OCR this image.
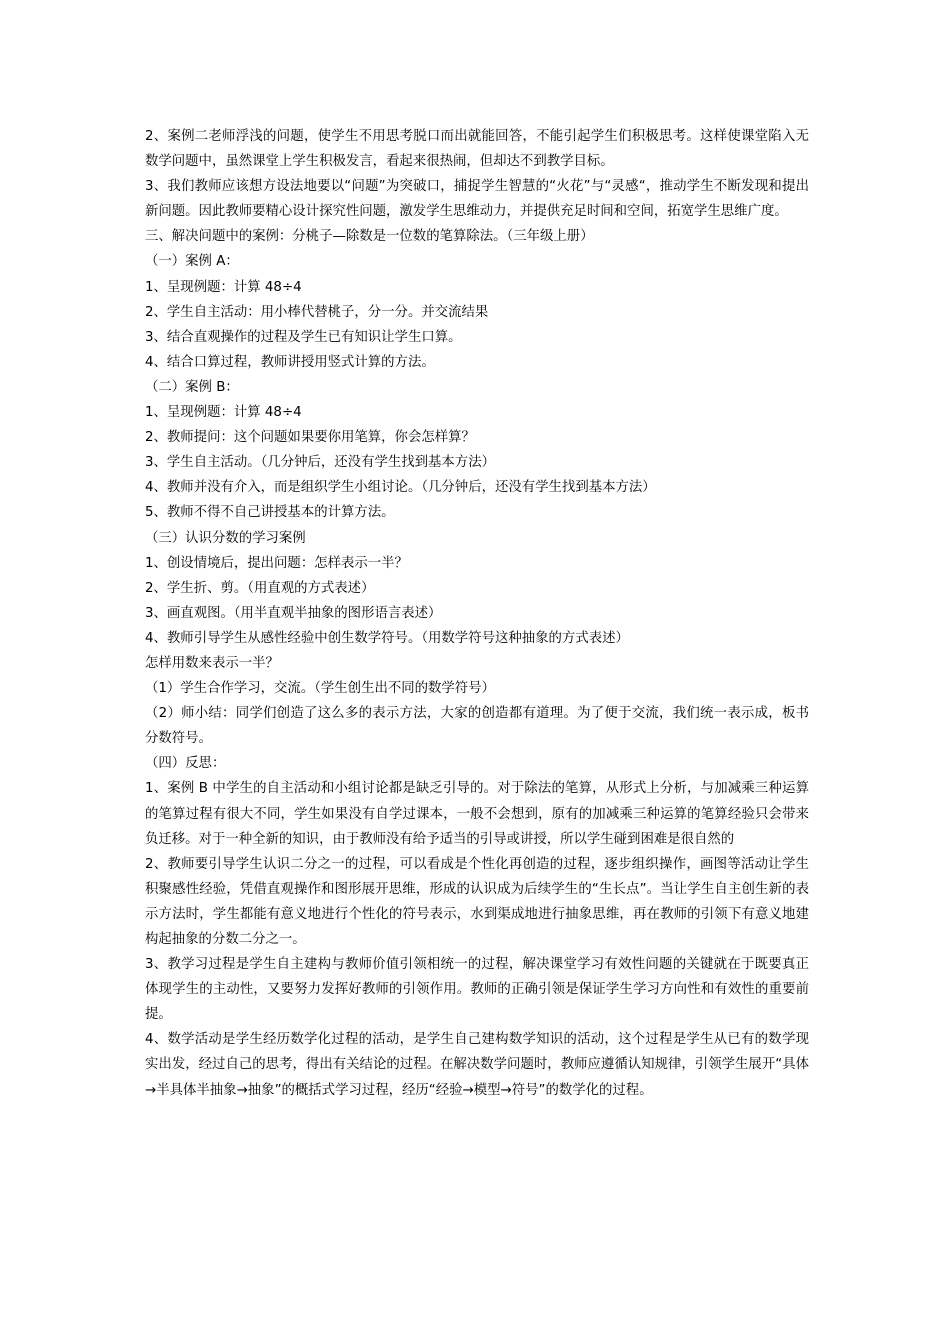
2、案例二老师浮浅的问题，使学生不用思考脱口而出就能回答，不能引起学生们积极思考。这样使课堂陷入无数学问题中，虽然课堂上学生积极发言，看起来很热闹，但却达不到教学目标。

3、我们教师应该想方设法地要以“问题”为突破口，捕捉学生智慧的“火花”与“灵感“，推动学生不断发现和提出新问题。因此教师要精心设计探究性问题，激发学生思维动力，并提供充足时间和空间，拓宽学生思维广度。

三、解决问题中的案例：分桃子—除数是一位数的笔算除法。（三年级上册）

（一）案例 A：

1、呈现例题：计算 48÷4

2、学生自主活动：用小棒代替桃子，分一分。并交流结果

3、结合直观操作的过程及学生已有知识让学生口算。

4、结合口算过程，教师讲授用竖式计算的方法。

（二）案例 B：

1、呈现例题：计算 48÷4

2、教师提问：这个问题如果要你用笔算，你会怎样算？

3、学生自主活动。（几分钟后，还没有学生找到基本方法）

4、教师并没有介入，而是组织学生小组讨论。（几分钟后，还没有学生找到基本方法）

5、教师不得不自己讲授基本的计算方法。

（三）认识分数的学习案例

1、创设情境后，提出问题：怎样表示一半？

2、学生折、剪。（用直观的方式表述）

3、画直观图。（用半直观半抽象的图形语言表述）

4、教师引导学生从感性经验中创生数学符号。（用数学符号这种抽象的方式表述）

怎样用数来表示一半？

（1）学生合作学习，交流。（学生创生出不同的数学符号）

（2）师小结：同学们创造了这么多的表示方法，大家的创造都有道理。为了便于交流，我们统一表示成，板书分数符号。

（四）反思：

1、案例 B 中学生的自主活动和小组讨论都是缺乏引导的。对于除法的笔算，从形式上分析，与加减乘三种运算的笔算过程有很大不同，学生如果没有自学过课本，一般不会想到，原有的加减乘三种运算的笔算经验只会带来负迁移。对于一种全新的知识，由于教师没有给予适当的引导或讲授，所以学生碰到困难是很自然的

2、教师要引导学生认识二分之一的过程，可以看成是个性化再创造的过程，逐步组织操作，画图等活动让学生积聚感性经验，凭借直观操作和图形展开思维，形成的认识成为后续学生的“生长点”。当让学生自主创生新的表示方法时，学生都能有意义地进行个性化的符号表示，水到渠成地进行抽象思维，再在教师的引领下有意义地建构起抽象的分数二分之一。

3、教学习过程是学生自主建构与教师价值引领相统一的过程，解决课堂学习有效性问题的关键就在于既要真正体现学生的主动性，又要努力发挥好教师的引领作用。教师的正确引领是保证学生学习方向性和有效性的重要前提。

4、数学活动是学生经历数学化过程的活动，是学生自己建构数学知识的活动，这个过程是学生从已有的数学现实出发，经过自己的思考，得出有关结论的过程。在解决数学问题时，教师应遵循认知规律，引领学生展开“具体→半具体半抽象→抽象”的概括式学习过程，经历“经验→模型→符号”的数学化的过程。
